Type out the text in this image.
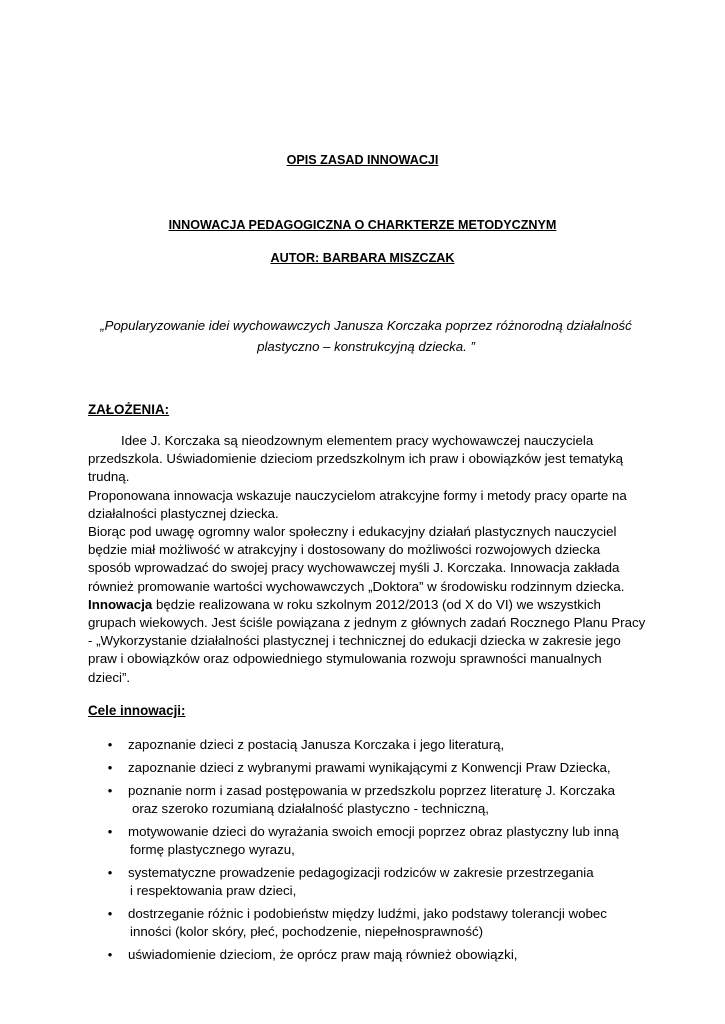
OPIS ZASAD INNOWACJI
INNOWACJA PEDAGOGICZNA O CHARKTERZE METODYCZNYM
AUTOR: BARBARA MISZCZAK
„Popularyzowanie idei wychowawczych Janusza Korczaka poprzez różnorodną działalność
plastyczno – konstrukcyjną dziecka. ”
ZAŁOŻENIA:

Idee J. Korczaka są nieodzownym elementem pracy wychowawczej nauczyciela

przedszkola. Uświadomienie dzieciom przedszkolnym ich praw i obowiązków jest tematyką

trudną.

Proponowana innowacja wskazuje nauczycielom atrakcyjne formy i metody pracy oparte na

działalności plastycznej dziecka.

Biorąc pod uwagę ogromny walor społeczny i edukacyjny działań plastycznych nauczyciel

będzie miał możliwość w atrakcyjny i dostosowany do możliwości rozwojowych dziecka

sposób wprowadzać do swojej pracy wychowawczej myśli J. Korczaka. Innowacja zakłada

również promowanie wartości wychowawczych „Doktora” w środowisku rodzinnym dziecka.

Innowacja będzie realizowana w roku szkolnym 2012/2013 (od X do VI) we wszystkich

grupach wiekowych. Jest ściśle powiązana z jednym z głównych zadań Rocznego Planu Pracy

- „Wykorzystanie działalności plastycznej i technicznej do edukacji dziecka w zakresie jego

praw i obowiązków oraz odpowiedniego stymulowania rozwoju sprawności manualnych

dzieci”.

Cele innowacji:
• zapoznanie dzieci z postacią Janusza Korczaka i jego literaturą,
• zapoznanie dzieci z wybranymi prawami wynikającymi z Konwencji Praw Dziecka,
• poznanie norm i zasad postępowania w przedszkolu poprzez literaturę J. Korczaka
oraz szeroko rozumianą działalność plastyczno - techniczną,
• motywowanie dzieci do wyrażania swoich emocji poprzez obraz plastyczny lub inną
formę plastycznego wyrazu,
• systematyczne prowadzenie pedagogizacji rodziców w zakresie przestrzegania
i respektowania praw dzieci,
• dostrzeganie różnic i podobieństw między ludźmi, jako podstawy tolerancji wobec
inności (kolor skóry, płeć, pochodzenie, niepełnosprawność)
• uświadomienie dzieciom, że oprócz praw mają również obowiązki,
